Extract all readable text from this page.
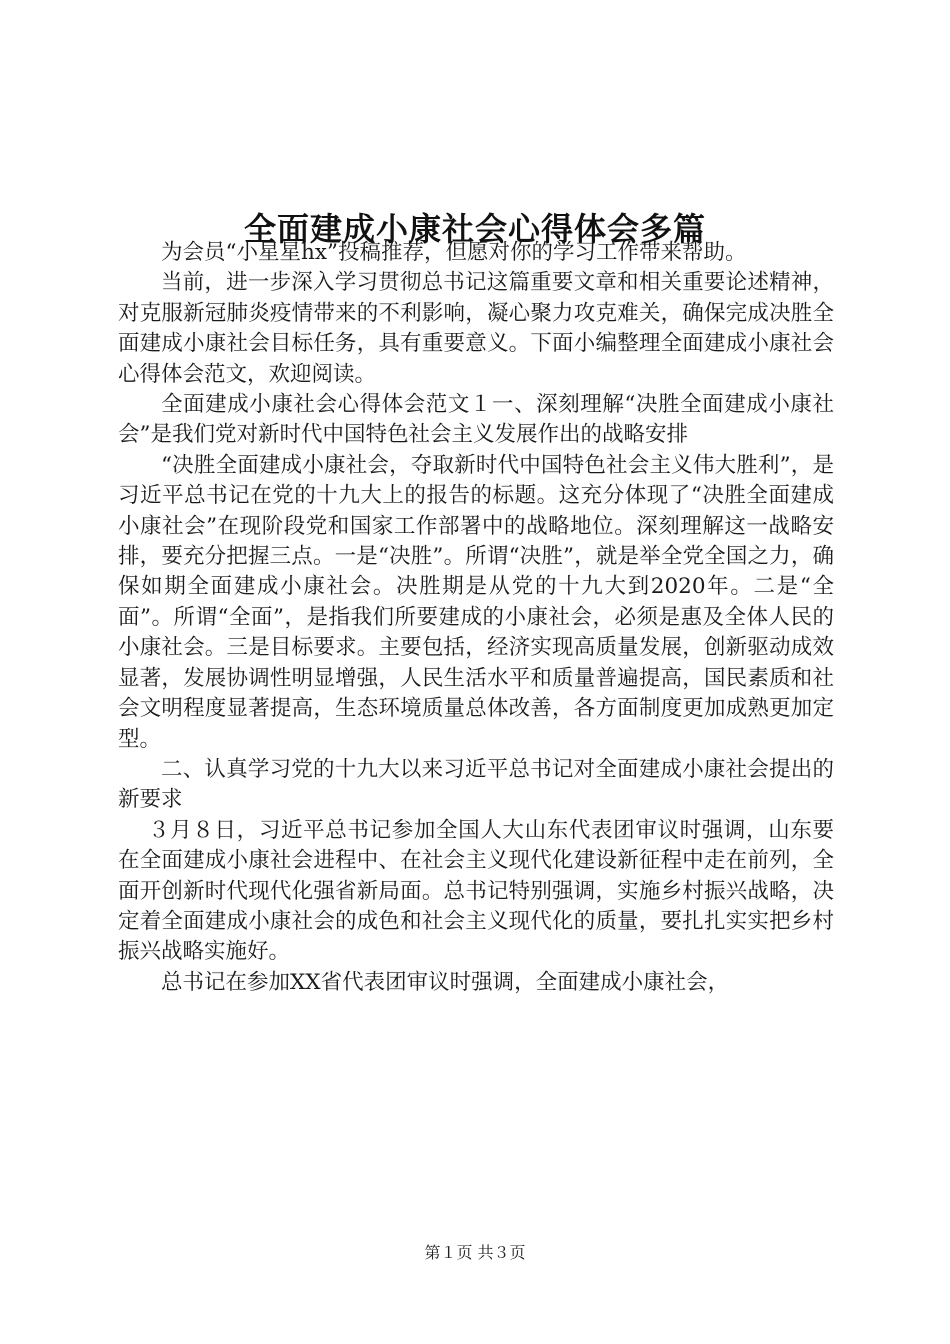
全面建成小康社会心得体会多篇

为会员“小星星hx”投稿推荐，但愿对你的学习工作带来帮助。

当前，进一步深入学习贯彻总书记这篇重要文章和相关重要论述精神，对克服新冠肺炎疫情带来的不利影响，凝心聚力攻克难关，确保完成决胜全面建成小康社会目标任务，具有重要意义。下面小编整理全面建成小康社会心得体会范文，欢迎阅读。

全面建成小康社会心得体会范文１一、深刻理解“决胜全面建成小康社会”是我们党对新时代中国特色社会主义发展作出的战略安排

“决胜全面建成小康社会，夺取新时代中国特色社会主义伟大胜利”，是习近平总书记在党的十九大上的报告的标题。这充分体现了“决胜全面建成小康社会”在现阶段党和国家工作部署中的战略地位。深刻理解这一战略安排，要充分把握三点。一是“决胜”。所谓“决胜”，就是举全党全国之力，确保如期全面建成小康社会。决胜期是从党的十九大到2020年。二是“全面”。所谓“全面”，是指我们所要建成的小康社会，必须是惠及全体人民的小康社会。三是目标要求。主要包括，经济实现高质量发展，创新驱动成效显著，发展协调性明显增强，人民生活水平和质量普遍提高，国民素质和社会文明程度显著提高，生态环境质量总体改善，各方面制度更加成熟更加定型。

二、认真学习党的十九大以来习近平总书记对全面建成小康社会提出的新要求

３月８日，习近平总书记参加全国人大山东代表团审议时强调，山东要在全面建成小康社会进程中、在社会主义现代化建设新征程中走在前列，全面开创新时代现代化强省新局面。总书记特别强调，实施乡村振兴战略，决定着全面建成小康社会的成色和社会主义现代化的质量，要扎扎实实把乡村振兴战略实施好。

总书记在参加XX省代表团审议时强调，全面建成小康社会，

第１页 共３页
